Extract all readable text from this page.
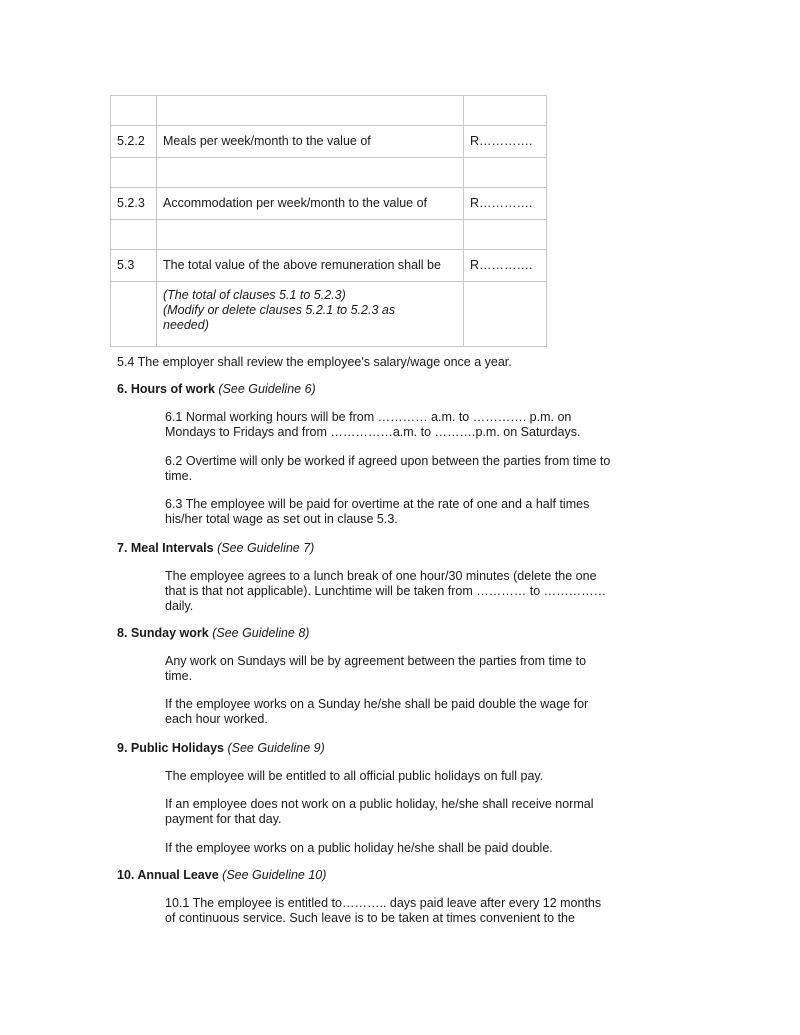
5.2.2	Meals per week/month to the value of	R………….

5.2.3	Accommodation per week/month to the value of	R………….

5.3	The total value of the above remuneration shall be	R………….

	(The total of clauses 5.1 to 5.2.3)
(Modify or delete clauses 5.2.1 to 5.2.3 as
needed)	

5.4 The employer shall review the employee's salary/wage once a year.
6. Hours of work (See Guideline 6)

6.1 Normal working hours will be from ………… a.m. to …………. p.m. on

Mondays to Fridays and from ……………a.m. to ……….p.m. on Saturdays.

6.2 Overtime will only be worked if agreed upon between the parties from time to

time.

6.3 The employee will be paid for overtime at the rate of one and a half times

his/her total wage as set out in clause 5.3.

7. Meal Intervals (See Guideline 7)

The employee agrees to a lunch break of one hour/30 minutes (delete the one

that is that not applicable). Lunchtime will be taken from ………… to ……………

daily.

8. Sunday work (See Guideline 8)

Any work on Sundays will be by agreement between the parties from time to

time.

If the employee works on a Sunday he/she shall be paid double the wage for

each hour worked.

9. Public Holidays (See Guideline 9)

The employee will be entitled to all official public holidays on full pay.

If an employee does not work on a public holiday, he/she shall receive normal

payment for that day.

If the employee works on a public holiday he/she shall be paid double.

10. Annual Leave (See Guideline 10)

10.1 The employee is entitled to……….. days paid leave after every 12 months

of continuous service. Such leave is to be taken at times convenient to the
